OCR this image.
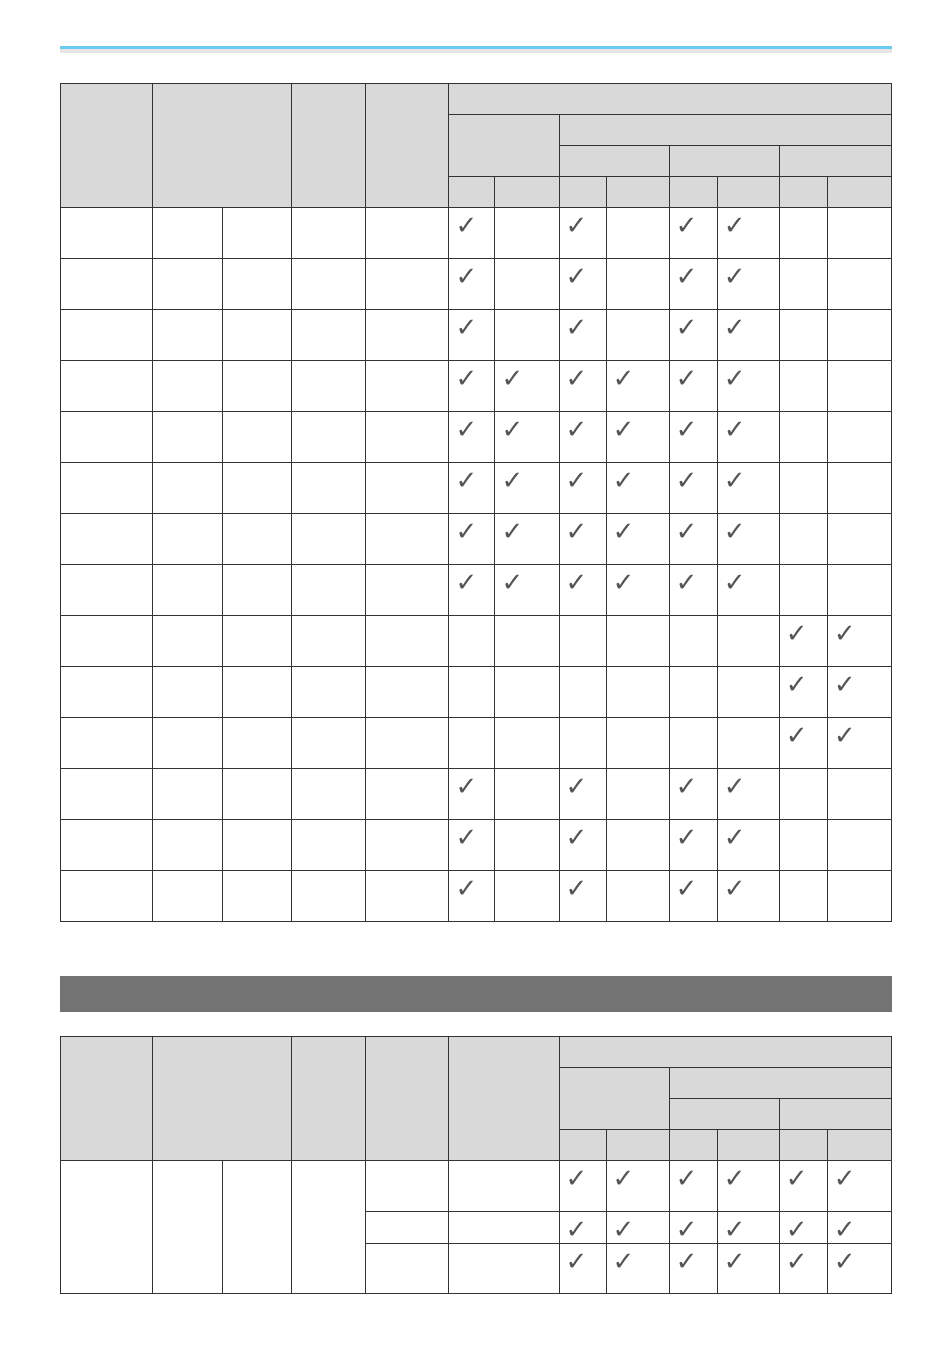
					✓		✓		✓	✓		

					✓		✓		✓	✓		

					✓		✓		✓	✓		

					✓	✓	✓	✓	✓	✓		

					✓	✓	✓	✓	✓	✓		

					✓	✓	✓	✓	✓	✓		

					✓	✓	✓	✓	✓	✓		

					✓	✓	✓	✓	✓	✓		

											✓	✓

											✓	✓

											✓	✓

					✓		✓		✓	✓		

					✓		✓		✓	✓		

					✓		✓		✓	✓		

						✓	✓	✓	✓	✓	✓

						✓	✓	✓	✓	✓	✓

						✓	✓	✓	✓	✓	✓
